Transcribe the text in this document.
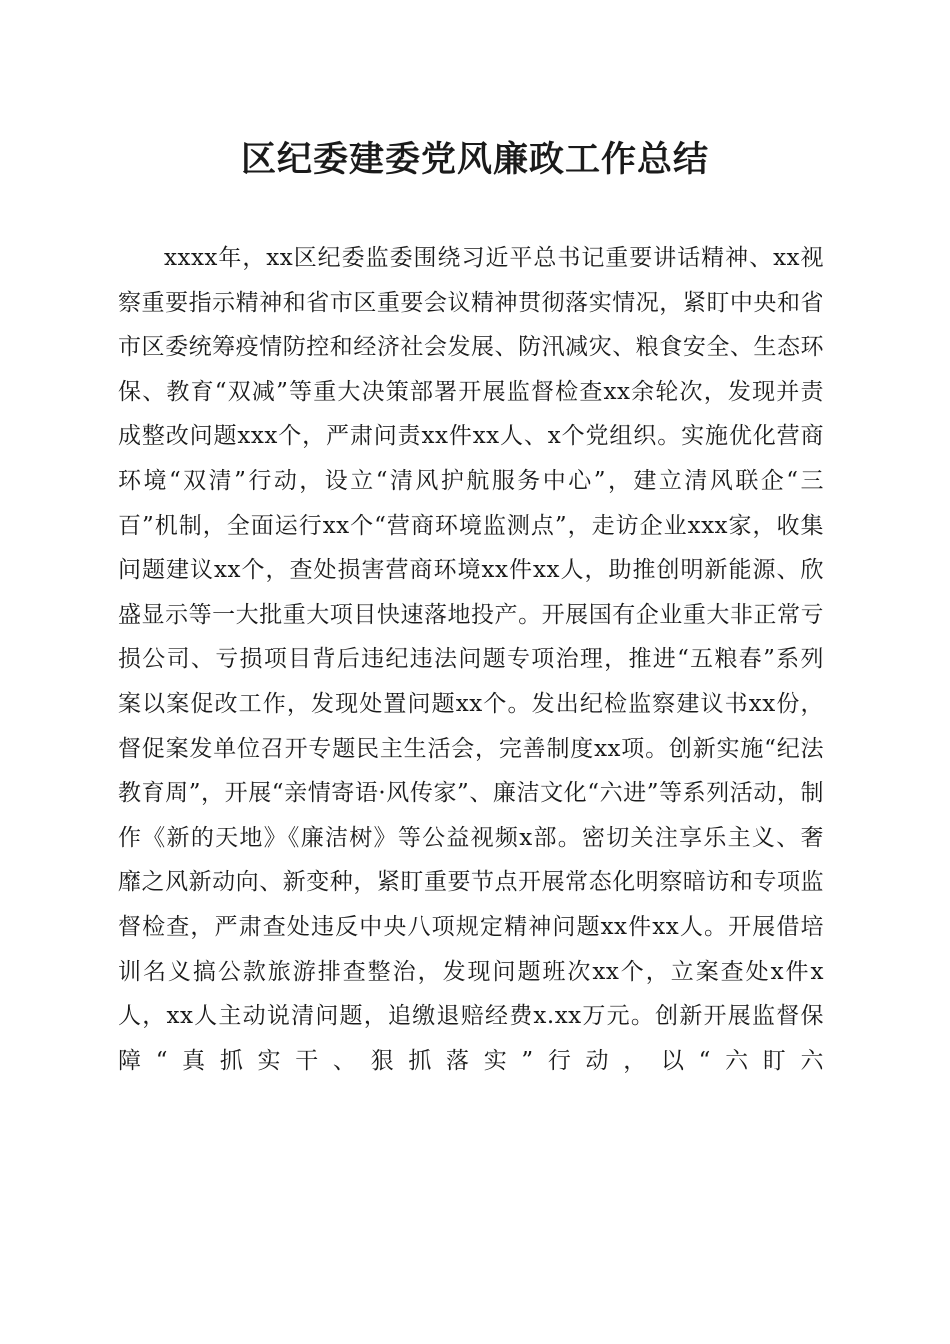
区纪委建委党风廉政工作总结

xxxx年，xx区纪委监委围绕习近平总书记重要讲话精神、xx视察重要指示精神和省市区重要会议精神贯彻落实情况，紧盯中央和省市区委统筹疫情防控和经济社会发展、防汛减灾、粮食安全、生态环保、教育“双减”等重大决策部署开展监督检查xx余轮次，发现并责成整改问题xxx个，严肃问责xx件xx人、x个党组织。实施优化营商环境“双清”行动，设立“清风护航服务中心”，建立清风联企“三百”机制，全面运行xx个“营商环境监测点”，走访企业xxx家，收集问题建议xx个，查处损害营商环境xx件xx人，助推创明新能源、欣盛显示等一大批重大项目快速落地投产。开展国有企业重大非正常亏损公司、亏损项目背后违纪违法问题专项治理，推进“五粮春”系列案以案促改工作，发现处置问题xx个。发出纪检监察建议书xx份，督促案发单位召开专题民主生活会，完善制度xx项。创新实施“纪法教育周”，开展“亲情寄语·风传家”、廉洁文化“六进”等系列活动，制作《新的天地》《廉洁树》等公益视频x部。密切关注享乐主义、奢靡之风新动向、新变种，紧盯重要节点开展常态化明察暗访和专项监督检查，严肃查处违反中央八项规定精神问题xx件xx人。开展借培训名义搞公款旅游排查整治，发现问题班次xx个，立案查处x件x人，xx人主动说清问题，追缴退赔经费x.xx万元。创新开展监督保障“真抓实干、狠抓落实”行动，以“六盯六
